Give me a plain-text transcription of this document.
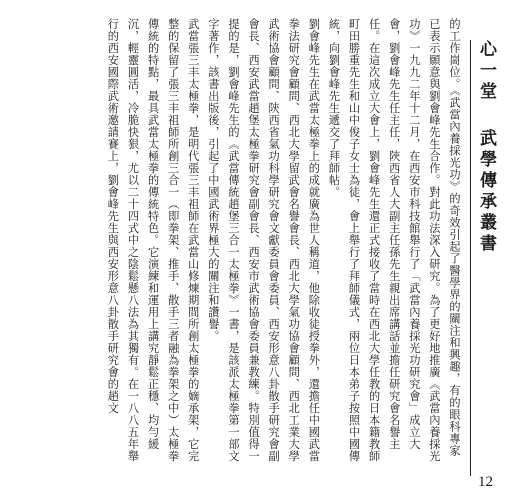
的工作崗位。《武當內養採光功》的奇效引起了醫學界的關注和興趣，有的眼科專家已表示願意與劉會峰先生合作。對此功法深入研究。為了更好地推廣《武當內養採光功》一九九二年十二月，在西安市科技館舉行了「武當內養採光功研究會」成立大會，劉會峰先生任主任，陝西省人大副主任孫先生親出席講話並擔任研究會名譽主任。在這次成立大會上，劉會峰先生還正式接收了當時在西北大學任教的日本籍教師町田勝重先生和山中俊子女士為徒，會上舉行了拜師儀式，兩位日本弟子按照中國傳統，向劉會峰先生遞交了拜師帖。

劉會峰先生在武當太極拳上的成就廣為世人稱道，他除收徒授拳外，還擔任中國武當拳法研究會顧問、西北大學留武會名譽會長、西北大學氣功協會顧問、西北工業大學武術協會顧問、陝西省氣功科學研究會文獻委員會委員、西安形意八卦散手研究會副會長、西安武當趙堡太極拳研究會副會長、西安市武術協會委員兼教練。特別值得一提的是，劉會峰先生的《武當傳統趙堡三合一太極拳》一書，是該派太極拳第一部文字著作，該書出版後，引起了中國武術界極大的關注和讚譽。

武當張三丰太極拳，是明代張三丰祖師在武當山修煉期間所創太極拳的嫡承架，它完整的保留了張三丰祖師所創三合一（即拳架、推手、散手三者融為拳架之中）太極拳傳統的特點，最具武當太極拳的傳統特色。它演練和運用上講究靜鬆正穩、均勻緩沉，輕靈圓活，冷脆快狠，尤以二十四式中之陰鬆懸八法為其獨有。在一八八五年舉行的西安國際武術邀請賽上，劉會峰先生與西安形意八卦散手研究會的趙文	心一堂武學傳承叢書
12
